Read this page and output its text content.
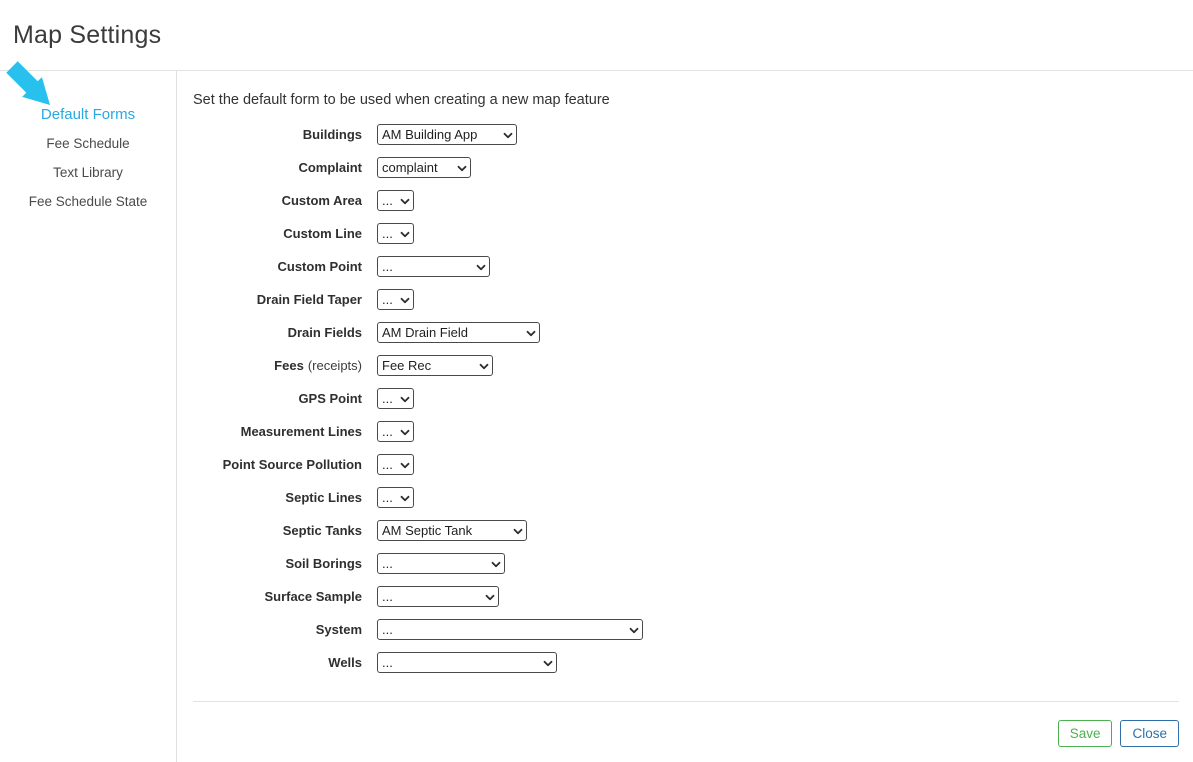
Map Settings
Default Forms
Fee Schedule
Text Library
Fee Schedule State
Set the default form to be used when creating a new map feature
Buildings
AM Building App
Complaint
complaint
Custom Area
...
Custom Line
...
Custom Point
...
Drain Field Taper
...
Drain Fields
AM Drain Field
Fees (receipts)
Fee Rec
GPS Point
...
Measurement Lines
...
Point Source Pollution
...
Septic Lines
...
Septic Tanks
AM Septic Tank
Soil Borings
...
Surface Sample
...
System
...
Wells
...
Save	Close
